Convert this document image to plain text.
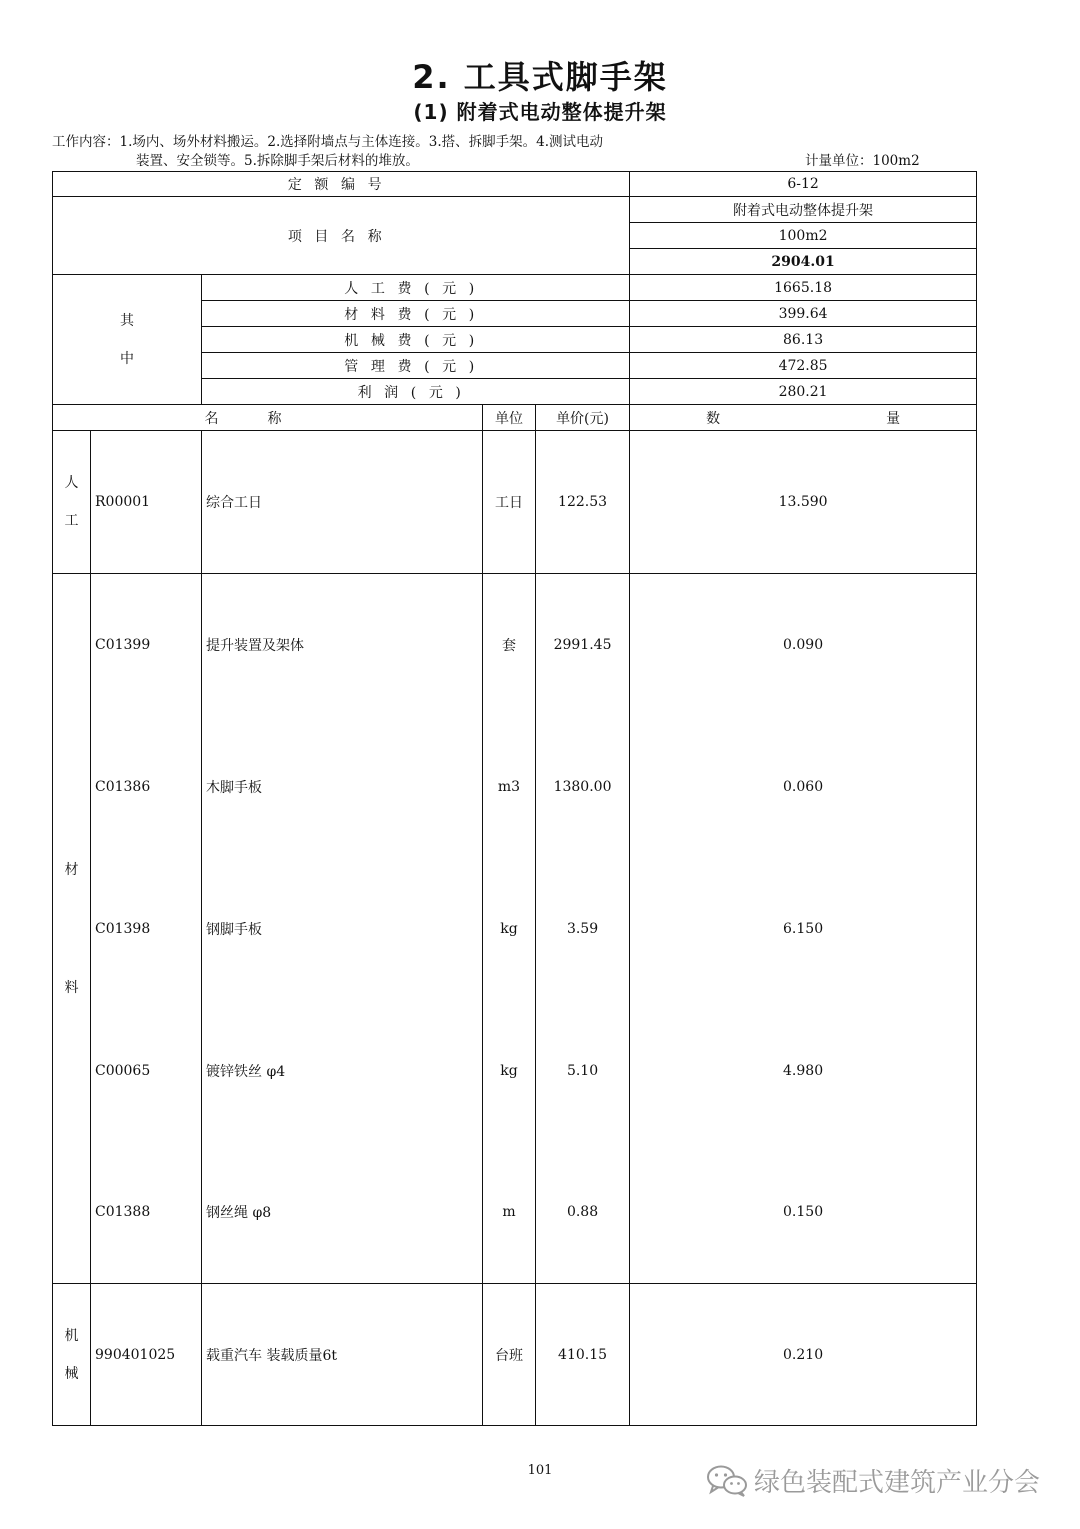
2. 工具式脚手架
(1) 附着式电动整体提升架
工作内容：1.场内、场外材料搬运。2.选择附墙点与主体连接。3.搭、拆脚手架。4.测试电动
装置、安全锁等。5.拆除脚手架后材料的堆放。	计量单位：100m2
定额编号					6-12
项目名称					附着式电动整体提升架
					100m2
					2904.01
其
中		人工费(元)			1665.18
		材料费(元)			399.64
		机械费(元)			86.13
		管理费(元)			472.85
		利润(元)			280.21
名称			单位	单价(元)	数 量
人
工	R00001	综合工日	工日	122.53	13.590
材

料	C01399	提升装置及架体	套	2991.45	0.090
	C01386	木脚手板	m3	1380.00	0.060
	C01398	钢脚手板	kg	3.59	6.150
	C00065	镀锌铁丝 φ4	kg	5.10	4.980
	C01388	钢丝绳 φ8	m	0.88	0.150
机
械	990401025	载重汽车 装载质量6t	台班	410.15	0.210
101	绿色装配式建筑产业分会
